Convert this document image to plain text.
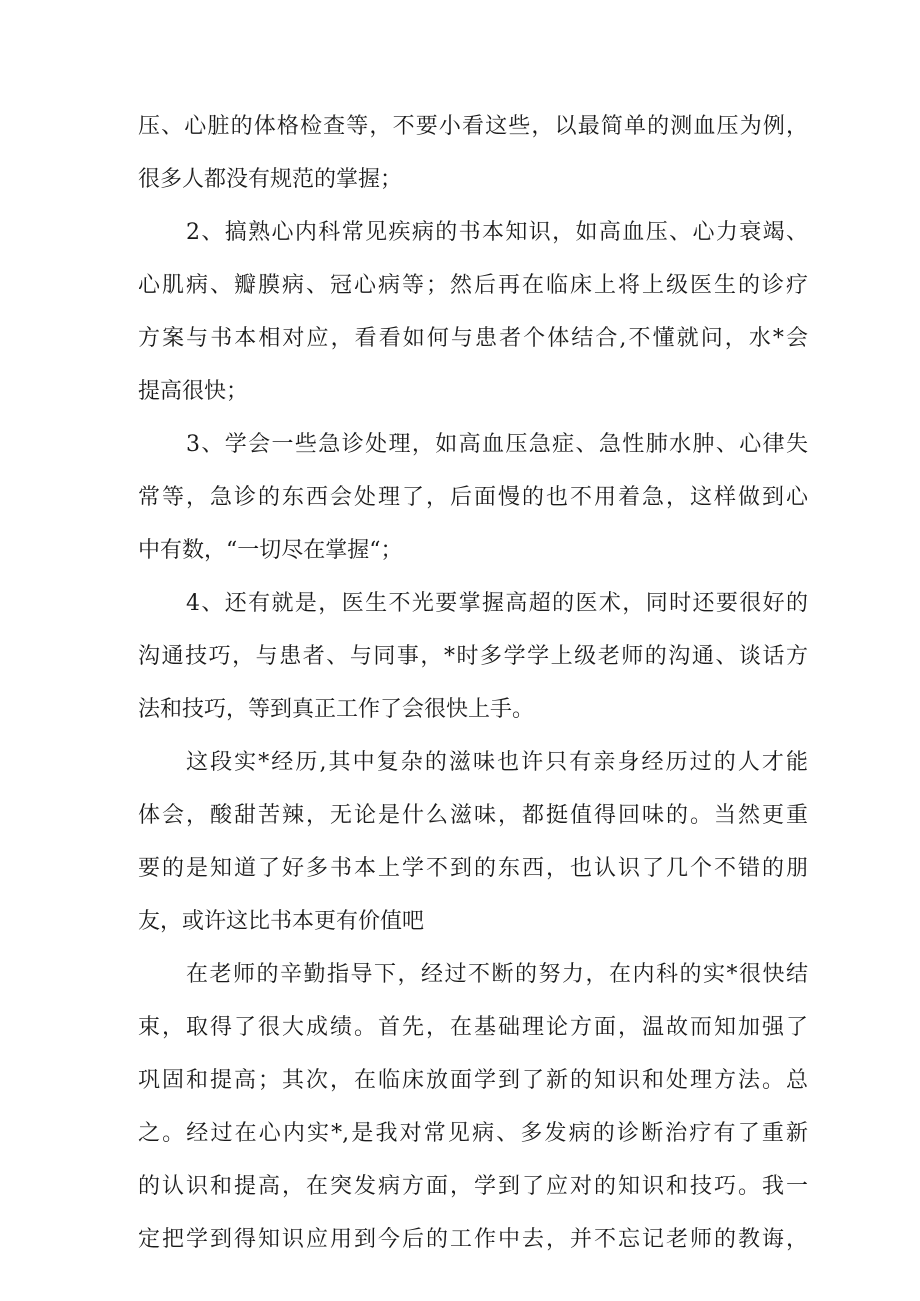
压、心脏的体格检查等，不要小看这些，以最简单的测血压为例，
很多人都没有规范的掌握；
2、搞熟心内科常见疾病的书本知识，如高血压、心力衰竭、
心肌病、瓣膜病、冠心病等；然后再在临床上将上级医生的诊疗
方案与书本相对应，看看如何与患者个体结合,不懂就问，水*会
提高很快；
3、学会一些急诊处理，如高血压急症、急性肺水肿、心律失
常等，急诊的东西会处理了，后面慢的也不用着急，这样做到心
中有数，“一切尽在掌握“；
4、还有就是，医生不光要掌握高超的医术，同时还要很好的
沟通技巧，与患者、与同事，*时多学学上级老师的沟通、谈话方
法和技巧，等到真正工作了会很快上手。
这段实*经历,其中复杂的滋味也许只有亲身经历过的人才能
体会，酸甜苦辣，无论是什么滋味，都挺值得回味的。当然更重
要的是知道了好多书本上学不到的东西，也认识了几个不错的朋
友，或许这比书本更有价值吧
在老师的辛勤指导下，经过不断的努力，在内科的实*很快结
束，取得了很大成绩。首先，在基础理论方面，温故而知加强了
巩固和提高；其次，在临床放面学到了新的知识和处理方法。总
之。经过在心内实*,是我对常见病、多发病的诊断治疗有了重新
的认识和提高，在突发病方面，学到了应对的知识和技巧。我一
定把学到得知识应用到今后的工作中去，并不忘记老师的教诲，
